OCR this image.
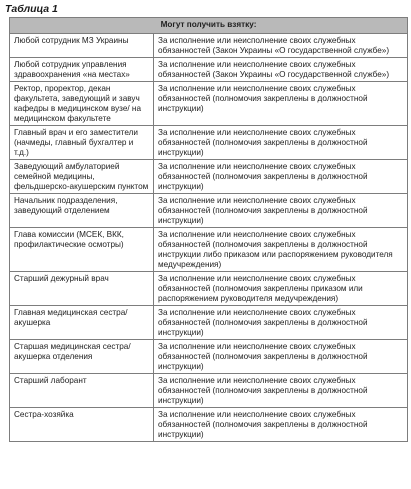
Таблица 1
Могут получить взятку:	
Любой сотрудник МЗ Украины	За исполнение или неисполнение своих служебных обязанностей (Закон Украины «О государственной службе»)
Любой сотрудник управления здравоохранения «на местах»	За исполнение или неисполнение своих служебных обязанностей (Закон Украины «О государственной службе»)
Ректор, проректор, декан факультета, заведующий и завуч кафедры в медицинском вузе/ на медицинском факультете	За исполнение или неисполнение своих служебных обязанностей (полномочия закреплены в должностной инструкции)
Главный врач и его заместители (начмеды, главный бухгалтер и т.д.)	За исполнение или неисполнение своих служебных обязанностей (полномочия закреплены в должностной инструкции)
Заведующий амбулаторией семейной медицины, фельдшерско-акушерским пунктом	За исполнение или неисполнение своих служебных обязанностей (полномочия закреплены в должностной инструкции)
Начальник подразделения, заведующий отделением	За исполнение или неисполнение своих служебных обязанностей (полномочия закреплены в должностной инструкции)
Глава комиссии (МСЕК, ВКК, профилактические осмотры)	За исполнение или неисполнение своих служебных обязанностей (полномочия закреплены в должностной инструкции либо приказом или распоряжением руководителя медучреждения)
Старший дежурный врач	За исполнение или неисполнение своих служебных обязанностей (полномочия закреплены приказом или распоряжением руководителя медучреждения)
Главная медицинская сестра/ акушерка	За исполнение или неисполнение своих служебных обязанностей (полномочия закреплены в должностной инструкции)
Старшая медицинская сестра/ акушерка отделения	За исполнение или неисполнение своих служебных обязанностей (полномочия закреплены в должностной инструкции)
Старший лаборант	За исполнение или неисполнение своих служебных обязанностей (полномочия закреплены в должностной инструкции)
Сестра-хозяйка	За исполнение или неисполнение своих служебных обязанностей (полномочия закреплены в должностной инструкции)
